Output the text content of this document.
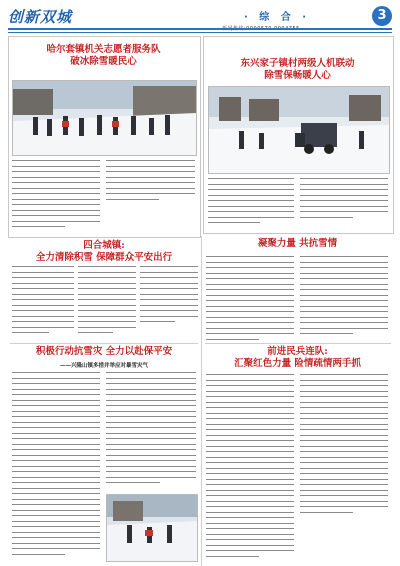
创新双城	· 综 合 ·	3
哈尔套镇机关志愿者服务队
破冰除雪暖民心	东兴家子镇村两级人机联动
除雪保畅暖人心
四合城镇:
全力清除积雪 保障群众平安出行
凝聚力量 共抗雪情
积极行动抗雪灾 全力以赴保平安
——兴隆山镇多措并举应对暴雪灾气
前进民兵连队:
汇聚红色力量 险情疏情两手抓
